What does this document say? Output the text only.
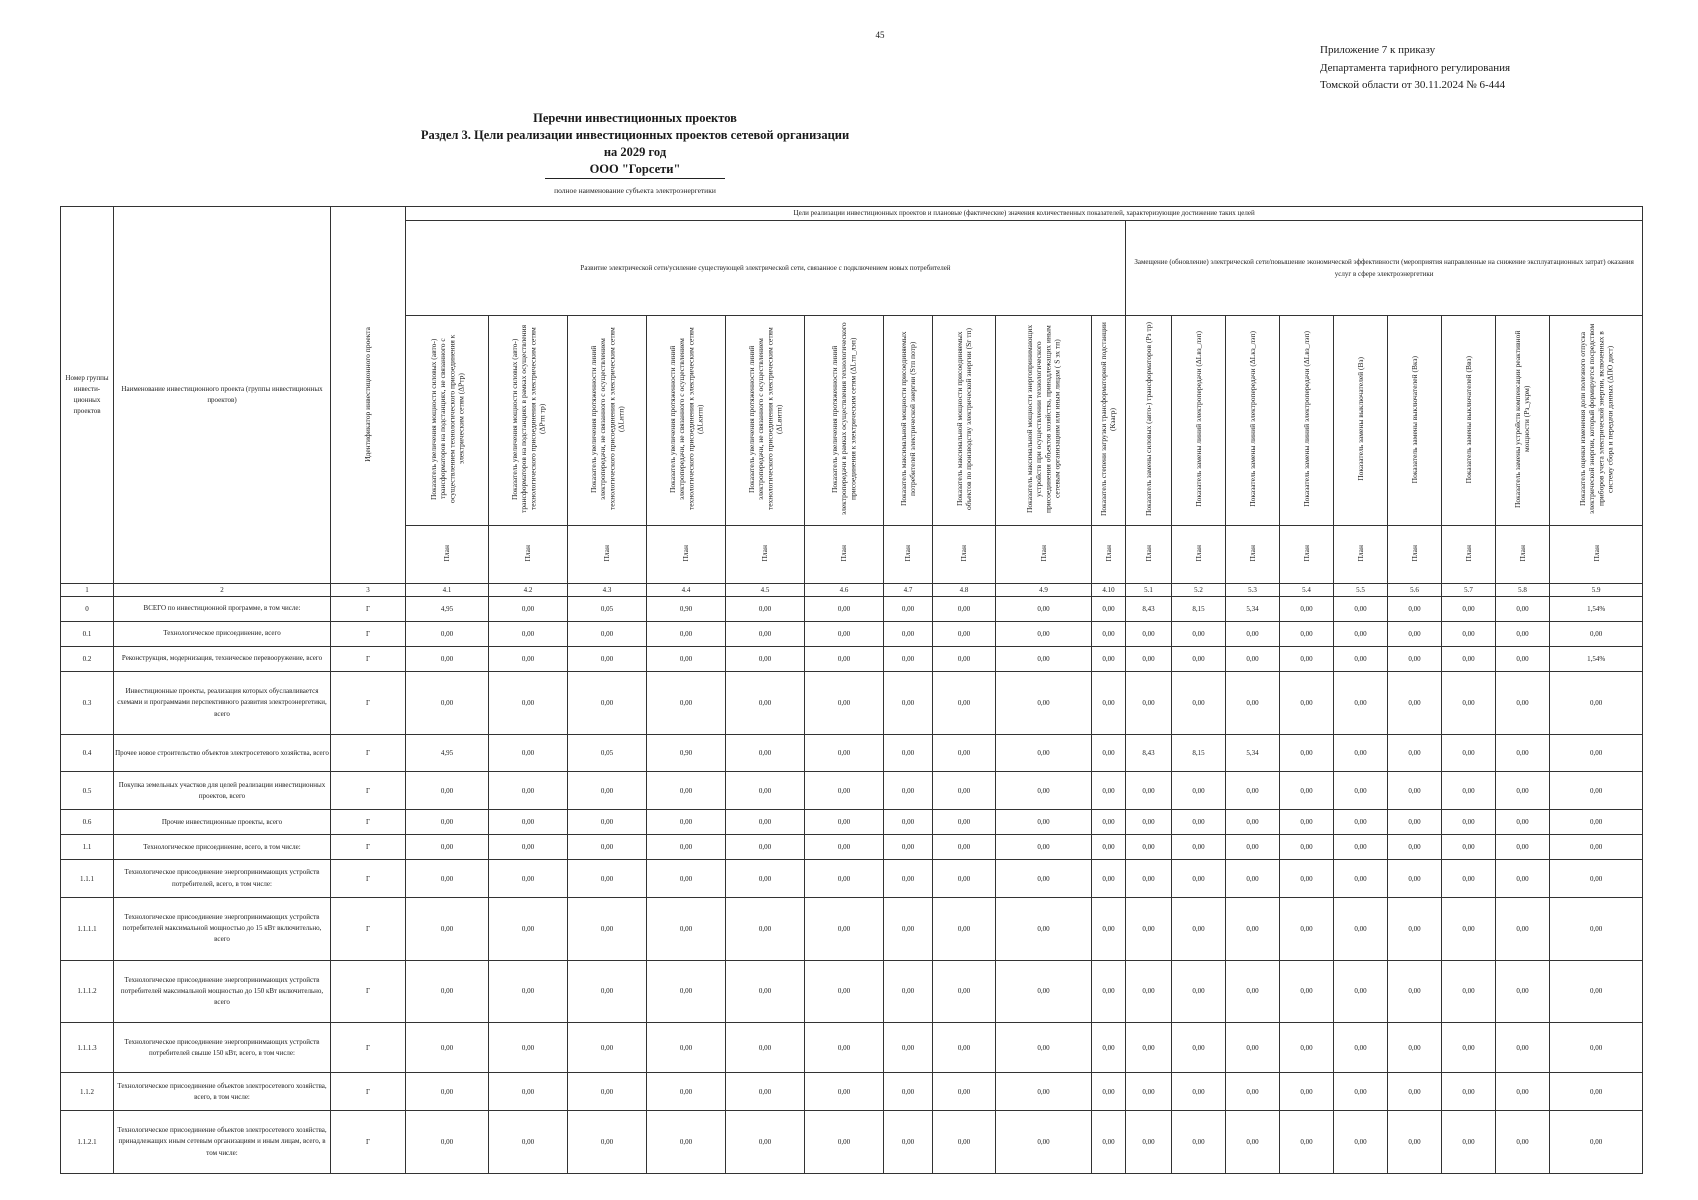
45
Приложение 7 к приказу
Департамента тарифного регулирования
Томской области от 30.11.2024 № 6-444
Перечни инвестиционных проектов
Раздел 3. Цели реализации инвестиционных проектов сетевой организации
на 2029 год
ООО "Горсети"
полное наименование субъекта электроэнергетики
Номер группы инвести-ционных проектов	Наименование инвестиционного проекта (группы инвестиционных проектов)	Идентификатор инвестиционного проекта	Цели реализации инвестиционных проектов и плановые (фактические) значения количественных показателей, характеризующие достижение таких целей																		
			Развитие электрической сети/усиление существующей электрической сети, связанное с подключением новых потребителей										Замещение (обновление) электрической сети/повышение экономической эффективности (мероприятия направленные на снижение эксплуатационных затрат) оказания услуг в сфере электроэнергетики								
			Показатель увеличения мощности силовых (авто-) трансформаторов на подстанциях, не связанного с осуществлением технологического присоединения к электрическим сетям (ΔPтр)	Показатель увеличения мощности силовых (авто-) трансформаторов на подстанциях в рамках осуществления технологического присоединения к электрическим сетям (ΔPтп тр)	Показатель увеличения протяженности линий электропередачи, не связанного с осуществлением технологического присоединения к электрическим сетям (ΔLнтп)	Показатель увеличения протяженности линий электропередачи, не связанного с осуществлением технологического присоединения к электрическим сетям (ΔLкнтп)	Показатель увеличения протяженности линий электропередачи, не связанного с осуществлением технологического присоединения к электрическим сетям (ΔLвнтп)	Показатель увеличения протяженности линий электропередачи в рамках осуществления технологического присоединения к электрическим сетям (ΔLтп_лэп)	Показатель максимальной мощности присоединяемых потребителей электрической энергии (Sтп потр)	Показатель максимальной мощности присоединяемых объектов по производству электрической энергии (Sг тп)	Показатель максимальной мощности энергопринимающих устройств при осуществлении технологического присоединения объектов хозяйства, принадлежащих иным сетевым организациям или иным лицам ( S эх тп)	Показатель степени загрузки трансформаторной подстанции (Кзагр)	Показатель замены силовых (авто-) трансформаторов (Pз тр)	Показатель замены линий электропередачи (ΔLвз_лэп)	Показатель замены линий электропередачи (ΔLкз_лэп)	Показатель замены линий электропередачи (ΔLвз_лэп)	Показатель замены выключателей (Bз)	Показатель замены выключателей (Bкз)	Показатель замены выключателей (Bвз)	Показатель замены устройств компенсации реактивной мощности (Pз_укрм)	Показатель оценки изменения доли полезного отпуска электрической энергии, который формируется посредством приборов учета электрической энергии, включенных в систему сбора и передачи данных (ΔПО дист)
			План	План	План	План	План	План	План	План	План	План	План	План	План	План	План	План	План	План	План
1	2	3	4.1	4.2	4.3	4.4	4.5	4.6	4.7	4.8	4.9	4.10	5.1	5.2	5.3	5.4	5.5	5.6	5.7	5.8	5.9
0	ВСЕГО по инвестиционной программе, в том числе:	Г	4,95	0,00	0,05	0,90	0,00	0,00	0,00	0,00	0,00	0,00	8,43	8,15	5,34	0,00	0,00	0,00	0,00	0,00	1,54%
0.1	Технологическое присоединение, всего	Г	0,00	0,00	0,00	0,00	0,00	0,00	0,00	0,00	0,00	0,00	0,00	0,00	0,00	0,00	0,00	0,00	0,00	0,00	0,00
0.2	Реконструкция, модернизация, техническое перевооружение, всего	Г	0,00	0,00	0,00	0,00	0,00	0,00	0,00	0,00	0,00	0,00	0,00	0,00	0,00	0,00	0,00	0,00	0,00	0,00	1,54%
0.3	Инвестиционные проекты, реализация которых обуславливается схемами и программами перспективного развития электроэнергетики, всего	Г	0,00	0,00	0,00	0,00	0,00	0,00	0,00	0,00	0,00	0,00	0,00	0,00	0,00	0,00	0,00	0,00	0,00	0,00	0,00
0.4	Прочее новое строительство объектов электросетевого хозяйства, всего	Г	4,95	0,00	0,05	0,90	0,00	0,00	0,00	0,00	0,00	0,00	8,43	8,15	5,34	0,00	0,00	0,00	0,00	0,00	0,00
0.5	Покупка земельных участков для целей реализации инвестиционных проектов, всего	Г	0,00	0,00	0,00	0,00	0,00	0,00	0,00	0,00	0,00	0,00	0,00	0,00	0,00	0,00	0,00	0,00	0,00	0,00	0,00
0.6	Прочие инвестиционные проекты, всего	Г	0,00	0,00	0,00	0,00	0,00	0,00	0,00	0,00	0,00	0,00	0,00	0,00	0,00	0,00	0,00	0,00	0,00	0,00	0,00
1.1	Технологическое присоединение, всего, в том числе:	Г	0,00	0,00	0,00	0,00	0,00	0,00	0,00	0,00	0,00	0,00	0,00	0,00	0,00	0,00	0,00	0,00	0,00	0,00	0,00
1.1.1	Технологическое присоединение энергопринимающих устройств потребителей, всего, в том числе:	Г	0,00	0,00	0,00	0,00	0,00	0,00	0,00	0,00	0,00	0,00	0,00	0,00	0,00	0,00	0,00	0,00	0,00	0,00	0,00
1.1.1.1	Технологическое присоединение энергопринимающих устройств потребителей максимальной мощностью до 15 кВт включительно, всего	Г	0,00	0,00	0,00	0,00	0,00	0,00	0,00	0,00	0,00	0,00	0,00	0,00	0,00	0,00	0,00	0,00	0,00	0,00	0,00
1.1.1.2	Технологическое присоединение энергопринимающих устройств потребителей максимальной мощностью до 150 кВт включительно, всего	Г	0,00	0,00	0,00	0,00	0,00	0,00	0,00	0,00	0,00	0,00	0,00	0,00	0,00	0,00	0,00	0,00	0,00	0,00	0,00
1.1.1.3	Технологическое присоединение энергопринимающих устройств потребителей свыше 150 кВт, всего, в том числе:	Г	0,00	0,00	0,00	0,00	0,00	0,00	0,00	0,00	0,00	0,00	0,00	0,00	0,00	0,00	0,00	0,00	0,00	0,00	0,00
1.1.2	Технологическое присоединение объектов электросетевого хозяйства, всего, в том числе:	Г	0,00	0,00	0,00	0,00	0,00	0,00	0,00	0,00	0,00	0,00	0,00	0,00	0,00	0,00	0,00	0,00	0,00	0,00	0,00
1.1.2.1	Технологическое присоединение объектов электросетевого хозяйства, принадлежащих иным сетевым организациям и иным лицам, всего, в том числе:	Г	0,00	0,00	0,00	0,00	0,00	0,00	0,00	0,00	0,00	0,00	0,00	0,00	0,00	0,00	0,00	0,00	0,00	0,00	0,00
